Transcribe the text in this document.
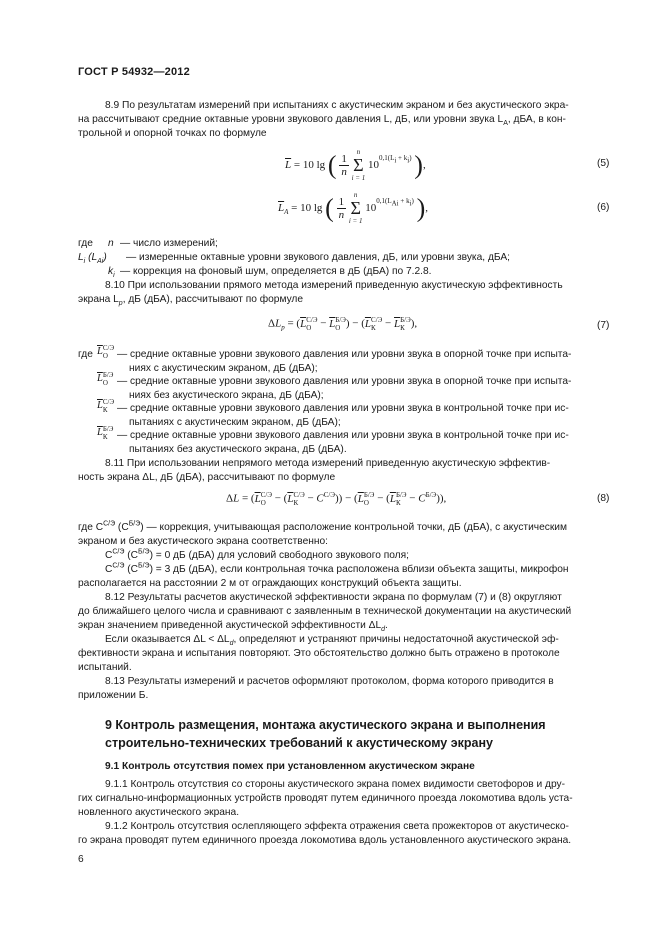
ГОСТ Р 54932—2012
8.9 По результатам измерений при испытаниях с акустическим экраном и без акустического экра-
на рассчитывают средние октавные уровни звукового давления L, дБ, или уровни звука $L_A$, дБА, в кон-
трольной и опорной точках по формуле
$\overline{L} = 10$ lg ( $\frac{1}{n}$

n
Σ
i = 1
$10^{0,1(L_i + k_i)}$ ),	(5)
$\overline{L}_A = 10$ lg ( $\frac{1}{n}$

n
Σ
i = 1
$10^{0,1(L_{Ai} + k_i)}$ ),	(6)
где n — число измерений;
$L_i$ $(L_{Ai})$ — измеренные октавные уровни звукового давления, дБ, или уровни звука, дБА;
$k_i$ — коррекция на фоновый шум, определяется в дБ (дБА) по 7.2.8.
8.10 При использовании прямого метода измерений приведенную акустическую эффективность
экрана $L_p$, дБ (дБА), рассчитывают по формуле
$\Delta L_p = (L$ С/Э
О − L Б/Э
О ) − (L С/Э
К − L Б/Э
К ),	(7)
где L С/Э
О — средние октавные уровни звукового давления или уровни звука в опорной точке при испыта-
ниях с акустическим экраном, дБ (дБА);
L Б/Э
О — средние октавные уровни звукового давления или уровни звука в опорной точке при испыта-
ниях без акустического экрана, дБ (дБА);
L С/Э
К — средние октавные уровни звукового давления или уровни звука в контрольной точке при ис-
пытаниях с акустическим экраном, дБ (дБА);
L Б/Э
К — средние октавные уровни звукового давления или уровни звука в контрольной точке при ис-
пытаниях без акустического экрана, дБ (дБА).
8.11 При использовании непрямого метода измерений приведенную акустическую эффектив-
ность экрана ΔL, дБ (дБА), рассчитывают по формуле
ΔL = (L С/Э
О − (L С/Э
$К - С^{С/Э})) - (L$ Б/Э
О − (L Б/Э
$К - С^{Б/Э}$)),	(8)
где $С^{С/Э}$ $(С^{Б/Э})$ — коррекция, учитывающая расположение контрольной точки, дБ (дБА), с акустическим
экраном и без акустического экрана соответственно:
$С^{С/Э}$ $(С^{Б/Э}) = 0$ дБ (дБА) для условий свободного звукового поля;
$С^{С/Э}$ $(С^{Б/Э}) = 3$ дБ (дБА), если контрольная точка расположена вблизи объекта защиты, микрофон
располагается на расстоянии 2 м от ограждающих конструкций объекта защиты.
8.12 Результаты расчетов акустической эффективности экрана по формулам (7) и (8) округляют
до ближайшего целого числа и сравнивают с заявленным в технической документации на акустический
экран значением приведенной акустической эффективности $\Delta L_d$.
Если оказывается $\Delta L < \Delta L_d$, определяют и устраняют причины недостаточной акустической эф-
фективности экрана и испытания повторяют. Это обстоятельство должно быть отражено в протоколе
испытаний.
8.13 Результаты измерений и расчетов оформляют протоколом, форма которого приводится в
приложении Б.
9 Контроль размещения, монтажа акустического экрана и выполнения
строительно-технических требований к акустическому экрану
9.1 Контроль отсутствия помех при установленном акустическом экране
9.1.1 Контроль отсутствия со стороны акустического экрана помех видимости светофоров и дру-
гих сигнально-информационных устройств проводят путем единичного проезда локомотива вдоль уста-
новленного акустического экрана.
9.1.2 Контроль отсутствия ослепляющего эффекта отражения света прожекторов от акустическо-
го экрана проводят путем единичного проезда локомотива вдоль установленного акустического экрана.
6
